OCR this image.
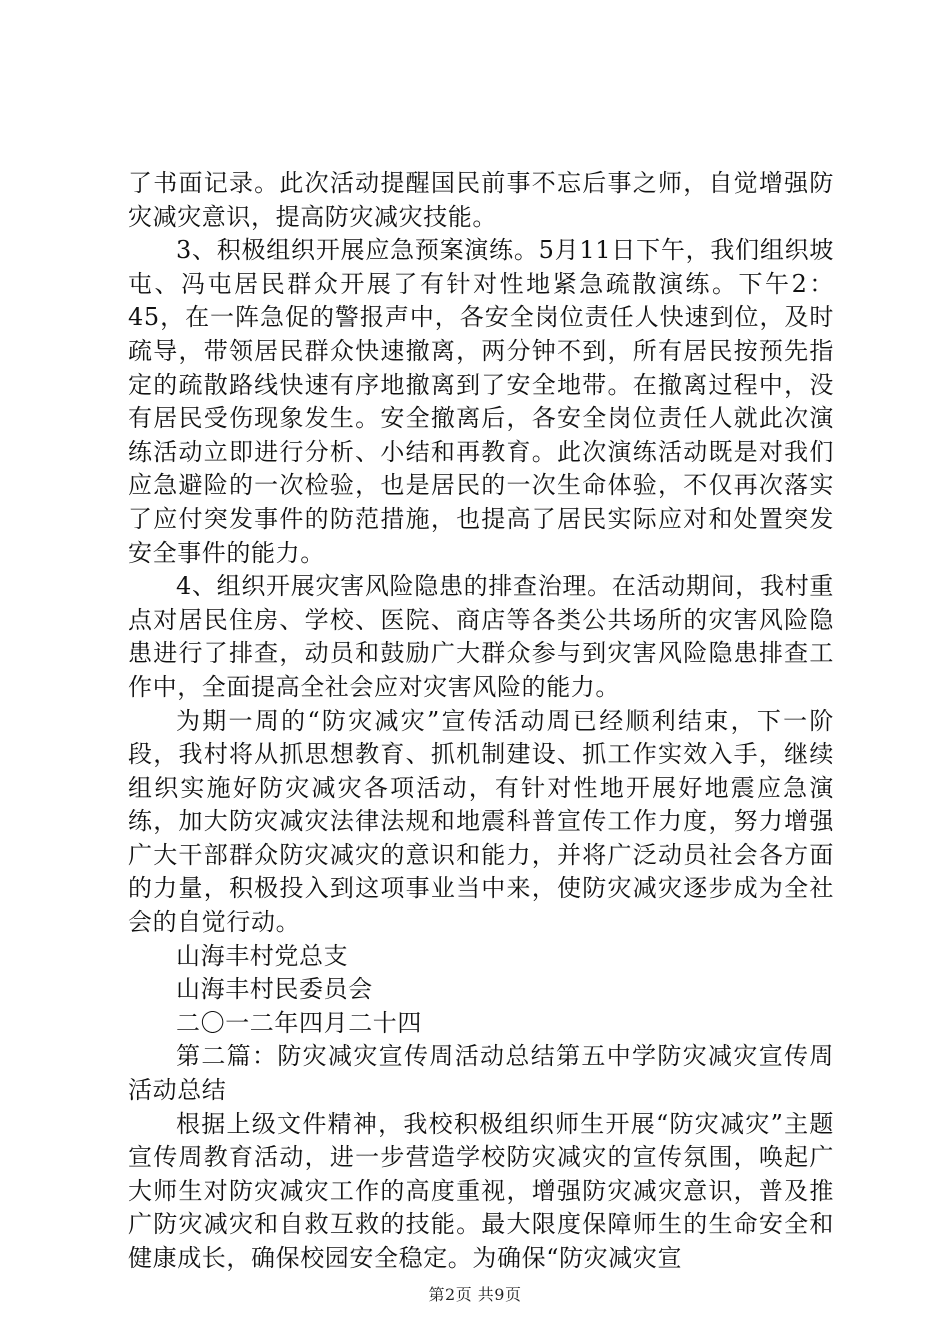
了书面记录。此次活动提醒国民前事不忘后事之师，自觉增强防灾减灾意识，提高防灾减灾技能。

3、积极组织开展应急预案演练。5月11日下午，我们组织坡屯、冯屯居民群众开展了有针对性地紧急疏散演练。下午2：45，在一阵急促的警报声中，各安全岗位责任人快速到位，及时疏导，带领居民群众快速撤离，两分钟不到，所有居民按预先指定的疏散路线快速有序地撤离到了安全地带。在撤离过程中，没有居民受伤现象发生。安全撤离后，各安全岗位责任人就此次演练活动立即进行分析、小结和再教育。此次演练活动既是对我们应急避险的一次检验，也是居民的一次生命体验，不仅再次落实了应付突发事件的防范措施，也提高了居民实际应对和处置突发安全事件的能力。

4、组织开展灾害风险隐患的排查治理。在活动期间，我村重点对居民住房、学校、医院、商店等各类公共场所的灾害风险隐患进行了排查，动员和鼓励广大群众参与到灾害风险隐患排查工作中，全面提高全社会应对灾害风险的能力。

为期一周的“防灾减灾”宣传活动周已经顺利结束，下一阶段，我村将从抓思想教育、抓机制建设、抓工作实效入手，继续组织实施好防灾减灾各项活动，有针对性地开展好地震应急演练，加大防灾减灾法律法规和地震科普宣传工作力度，努力增强广大干部群众防灾减灾的意识和能力，并将广泛动员社会各方面的力量，积极投入到这项事业当中来，使防灾减灾逐步成为全社会的自觉行动。

山海丰村党总支

山海丰村民委员会

二〇一二年四月二十四

第二篇：防灾减灾宣传周活动总结第五中学防灾减灾宣传周活动总结

根据上级文件精神，我校积极组织师生开展“防灾减灾”主题宣传周教育活动，进一步营造学校防灾减灾的宣传氛围，唤起广大师生对防灾减灾工作的高度重视，增强防灾减灾意识，普及推广防灾减灾和自救互救的技能。最大限度保障师生的生命安全和健康成长，确保校园安全稳定。为确保“防灾减灾宣

第2页 共9页
